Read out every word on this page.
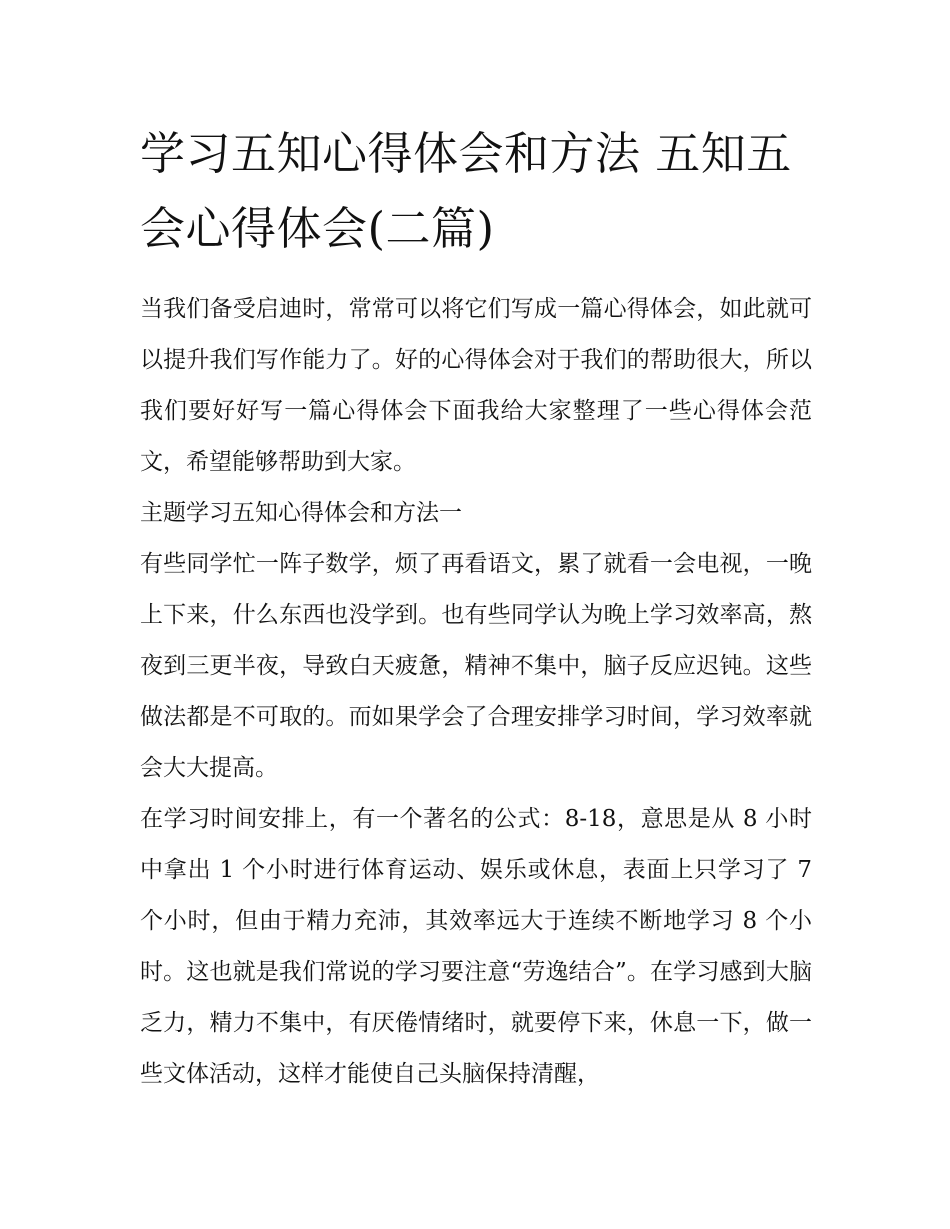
学习五知心得体会和方法 五知五会心得体会(二篇)

当我们备受启迪时，常常可以将它们写成一篇心得体会，如此就可以提升我们写作能力了。好的心得体会对于我们的帮助很大，所以我们要好好写一篇心得体会下面我给大家整理了一些心得体会范文，希望能够帮助到大家。

主题学习五知心得体会和方法一

有些同学忙一阵子数学，烦了再看语文，累了就看一会电视，一晚上下来，什么东西也没学到。也有些同学认为晚上学习效率高，熬夜到三更半夜，导致白天疲惫，精神不集中，脑子反应迟钝。这些做法都是不可取的。而如果学会了合理安排学习时间，学习效率就会大大提高。

在学习时间安排上，有一个著名的公式：8-18，意思是从 8 小时中拿出 1 个小时进行体育运动、娱乐或休息，表面上只学习了 7 个小时，但由于精力充沛，其效率远大于连续不断地学习 8 个小时。这也就是我们常说的学习要注意“劳逸结合”。在学习感到大脑乏力，精力不集中，有厌倦情绪时，就要停下来，休息一下，做一些文体活动，这样才能使自己头脑保持清醒，
